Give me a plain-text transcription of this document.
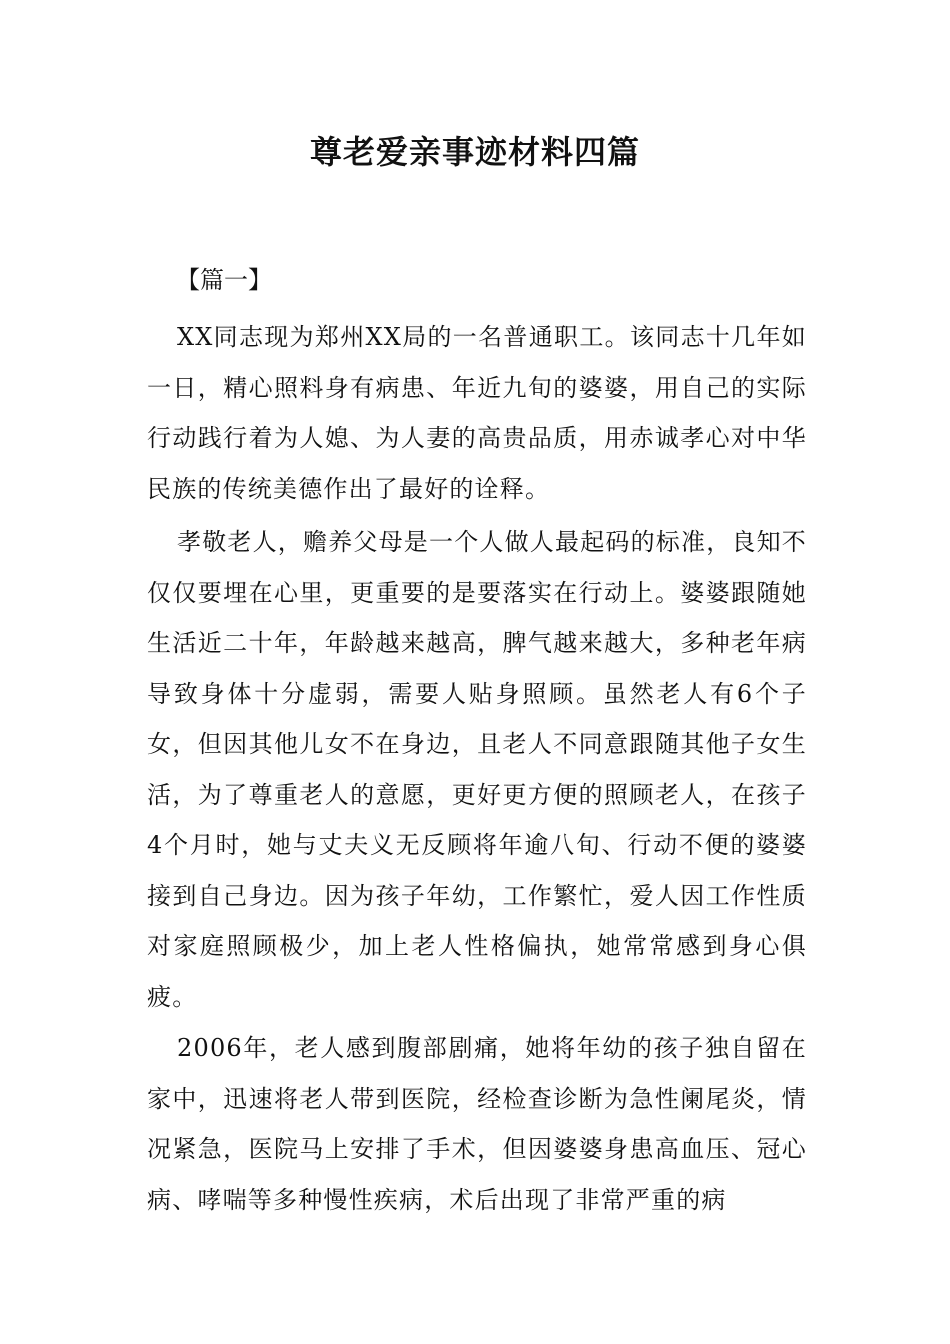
尊老爱亲事迹材料四篇

【篇一】

XX同志现为郑州XX局的一名普通职工。该同志十几年如一日，精心照料身有病患、年近九旬的婆婆，用自己的实际行动践行着为人媳、为人妻的高贵品质，用赤诚孝心对中华民族的传统美德作出了最好的诠释。

孝敬老人，赡养父母是一个人做人最起码的标准，良知不仅仅要埋在心里，更重要的是要落实在行动上。婆婆跟随她生活近二十年，年龄越来越高，脾气越来越大，多种老年病导致身体十分虚弱，需要人贴身照顾。虽然老人有6个子女，但因其他儿女不在身边，且老人不同意跟随其他子女生活，为了尊重老人的意愿，更好更方便的照顾老人，在孩子4个月时，她与丈夫义无反顾将年逾八旬、行动不便的婆婆接到自己身边。因为孩子年幼，工作繁忙，爱人因工作性质对家庭照顾极少，加上老人性格偏执，她常常感到身心俱疲。

2006年，老人感到腹部剧痛，她将年幼的孩子独自留在家中，迅速将老人带到医院，经检查诊断为急性阑尾炎，情况紧急，医院马上安排了手术，但因婆婆身患高血压、冠心病、哮喘等多种慢性疾病，术后出现了非常严重的病
